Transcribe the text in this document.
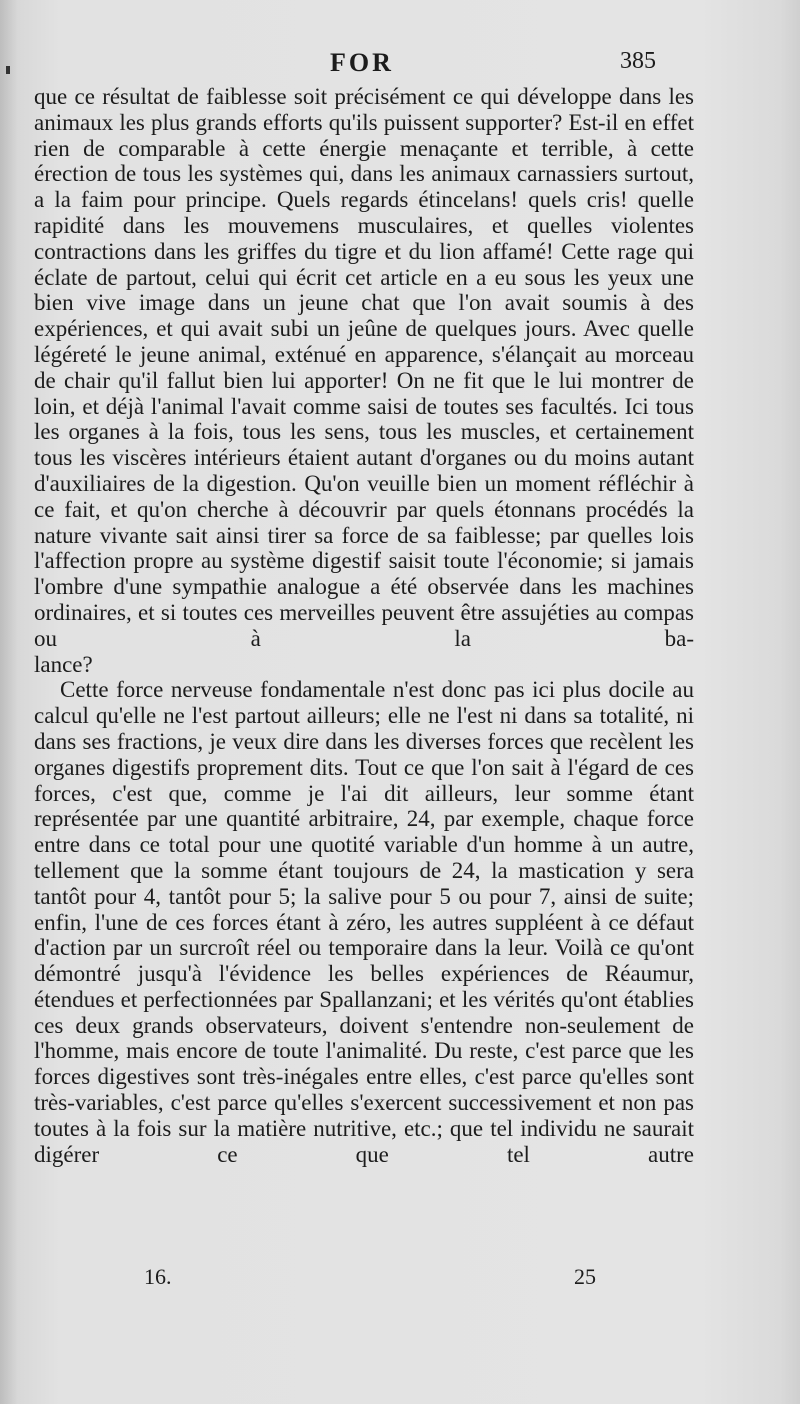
FOR	385

que ce résultat de faiblesse soit précisément ce qui développe dans les animaux les plus grands efforts qu'ils puissent supporter? Est-il en effet rien de comparable à cette énergie menaçante et terrible, à cette érection de tous les systèmes qui, dans les animaux carnassiers surtout, a la faim pour principe. Quels regards étincelans! quels cris! quelle rapidité dans les mouvemens musculaires, et quelles violentes contractions dans les griffes du tigre et du lion affamé! Cette rage qui éclate de partout, celui qui écrit cet article en a eu sous les yeux une bien vive image dans un jeune chat que l'on avait soumis à des expériences, et qui avait subi un jeûne de quelques jours. Avec quelle légéreté le jeune animal, exténué en apparence, s'élançait au morceau de chair qu'il fallut bien lui apporter! On ne fit que le lui montrer de loin, et déjà l'animal l'avait comme saisi de toutes ses facultés. Ici tous les organes à la fois, tous les sens, tous les muscles, et certainement tous les viscères intérieurs étaient autant d'organes ou du moins autant d'auxiliaires de la digestion. Qu'on veuille bien un moment réfléchir à ce fait, et qu'on cherche à découvrir par quels étonnans procédés la nature vivante sait ainsi tirer sa force de sa faiblesse; par quelles lois l'affection propre au système digestif saisit toute l'économie; si jamais l'ombre d'une sympathie analogue a été observée dans les machines ordinaires, et si toutes ces merveilles peuvent être assujéties au compas ou à la ba-
lance?

Cette force nerveuse fondamentale n'est donc pas ici plus docile au calcul qu'elle ne l'est partout ailleurs; elle ne l'est ni dans sa totalité, ni dans ses fractions, je veux dire dans les diverses forces que recèlent les organes digestifs proprement dits. Tout ce que l'on sait à l'égard de ces forces, c'est que, comme je l'ai dit ailleurs, leur somme étant représentée par une quantité arbitraire, 24, par exemple, chaque force entre dans ce total pour une quotité variable d'un homme à un autre, tellement que la somme étant toujours de 24, la mastication y sera tantôt pour 4, tantôt pour 5; la salive pour 5 ou pour 7, ainsi de suite; enfin, l'une de ces forces étant à zéro, les autres suppléent à ce défaut d'action par un surcroît réel ou temporaire dans la leur. Voilà ce qu'ont démontré jusqu'à l'évidence les belles expériences de Réaumur, étendues et perfectionnées par Spallanzani; et les vérités qu'ont établies ces deux grands observateurs, doivent s'entendre non-seulement de l'homme, mais encore de toute l'animalité. Du reste, c'est parce que les forces digestives sont très-inégales entre elles, c'est parce qu'elles sont très-variables, c'est parce qu'elles s'exercent successivement et non pas toutes à la fois sur la matière nutritive, etc.; que tel individu ne saurait digérer ce que tel autre

16.	25
